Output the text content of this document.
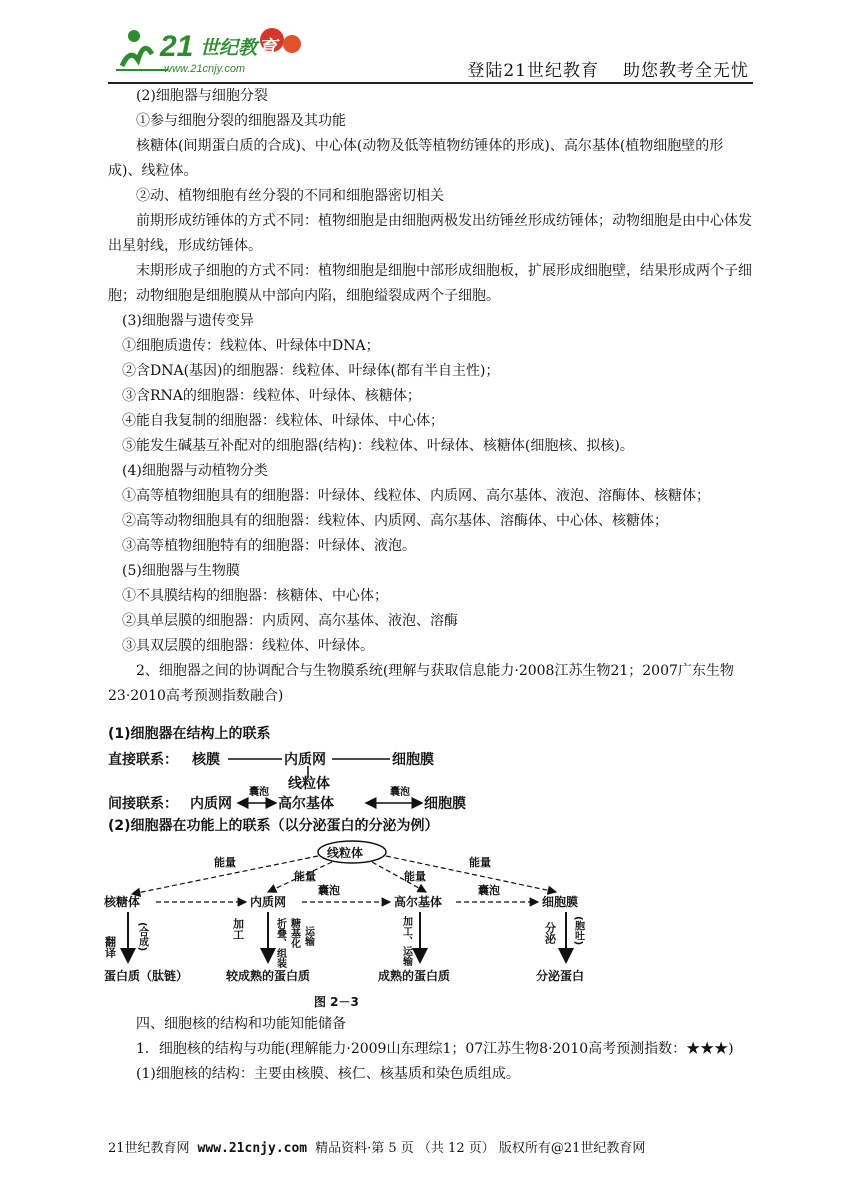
21 世纪 教 育
www.21cnjy.com	登陆21世纪教育 助您教考全无忧

(2)细胞器与细胞分裂

①参与细胞分裂的细胞器及其功能

核糖体(间期蛋白质的合成)、中心体(动物及低等植物纺锤体的形成)、高尔基体(植物细胞壁的形成)、线粒体。

②动、植物细胞有丝分裂的不同和细胞器密切相关

前期形成纺锤体的方式不同：植物细胞是由细胞两极发出纺锤丝形成纺锤体；动物细胞是由中心体发出星射线，形成纺锤体。

末期形成子细胞的方式不同：植物细胞是细胞中部形成细胞板，扩展形成细胞壁，结果形成两个子细胞；动物细胞是细胞膜从中部向内陷，细胞缢裂成两个子细胞。

(3)细胞器与遗传变异

①细胞质遗传：线粒体、叶绿体中DNA；

②含DNA(基因)的细胞器：线粒体、叶绿体(都有半自主性)；

③含RNA的细胞器：线粒体、叶绿体、核糖体；

④能自我复制的细胞器：线粒体、叶绿体、中心体；

⑤能发生碱基互补配对的细胞器(结构)：线粒体、叶绿体、核糖体(细胞核、拟核)。

(4)细胞器与动植物分类

①高等植物细胞具有的细胞器：叶绿体、线粒体、内质网、高尔基体、液泡、溶酶体、核糖体；

②高等动物细胞具有的细胞器：线粒体、内质网、高尔基体、溶酶体、中心体、核糖体；

③高等植物细胞特有的细胞器：叶绿体、液泡。

(5)细胞器与生物膜

①不具膜结构的细胞器：核糖体、中心体；

②具单层膜的细胞器：内质网、高尔基体、液泡、溶酶

③具双层膜的细胞器：线粒体、叶绿体。

2、细胞器之间的协调配合与生物膜系统(理解与获取信息能力·2008江苏生物21；2007广东生物23·2010高考预测指数融合)

(1)细胞器在结构上的联系
直接联系： 核膜	内质网	细胞膜
线粒体
间接联系： 内质网
囊泡
高尔基体
囊泡
细胞膜
(2)细胞器在功能上的联系（以分泌蛋白的分泌为例）
线粒体
能量
能量	能量
能量
核糖体	内质网
囊泡
高尔基体
囊泡
细胞膜
翻译 (合成)	加工	折叠、组装 糖基化 运输	加工、运输	分泌 (胞吐)
蛋白质（肽链）	较成熟的蛋白质	成熟的蛋白质	分泌蛋白
图 2－3

四、细胞核的结构和功能知能储备

1．细胞核的结构与功能(理解能力·2009山东理综1；07江苏生物8·2010高考预测指数：★★★)

(1)细胞核的结构：主要由核膜、核仁、核基质和染色质组成。

21世纪教育网 www.21cnjy.com 精品资料·第 5 页 （共 12 页） 版权所有@21世纪教育网
